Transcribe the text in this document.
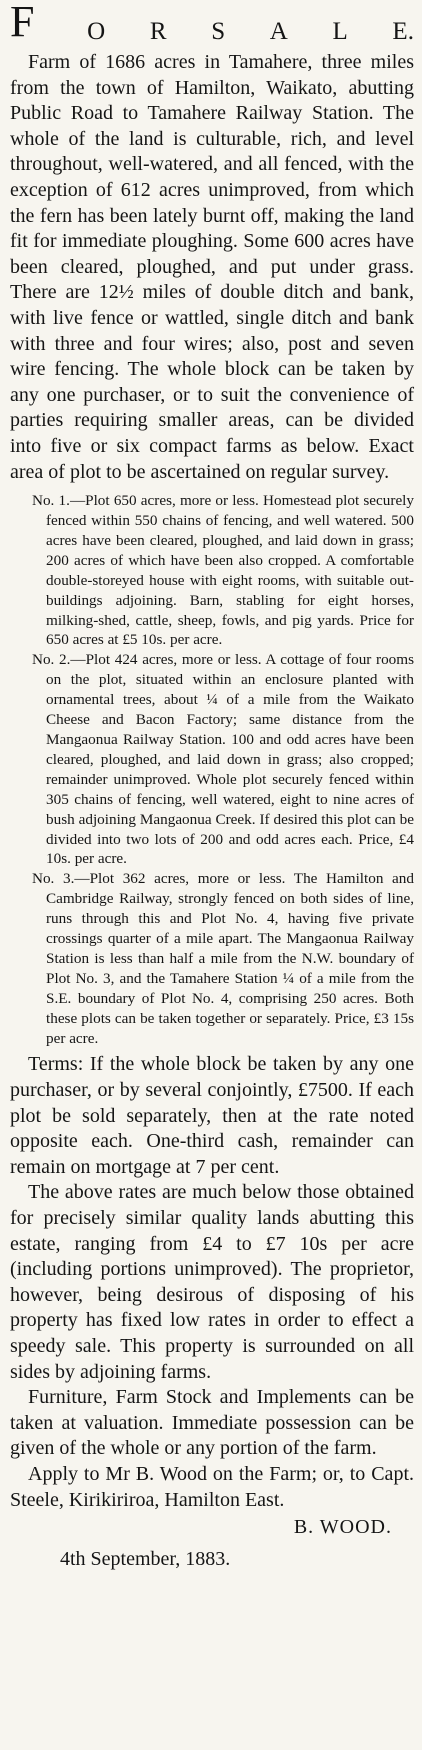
F O R S A L E.

Farm of 1686 acres in Tamahere, three miles from the town of Hamilton, Waikato, abutting Public Road to Tamahere Railway Station. The whole of the land is culturable, rich, and level throughout, well-watered, and all fenced, with the exception of 612 acres unimproved, from which the fern has been lately burnt off, making the land fit for immediate ploughing. Some 600 acres have been cleared, ploughed, and put under grass. There are 12½ miles of double ditch and bank, with live fence or wattled, single ditch and bank with three and four wires; also, post and seven wire fencing. The whole block can be taken by any one purchaser, or to suit the convenience of parties requiring smaller areas, can be divided into five or six compact farms as below. Exact area of plot to be ascertained on regular survey.

No. 1.—Plot 650 acres, more or less. Homestead plot securely fenced within 550 chains of fencing, and well watered. 500 acres have been cleared, ploughed, and laid down in grass; 200 acres of which have been also cropped. A comfortable double-storeyed house with eight rooms, with suitable out-buildings adjoining. Barn, stabling for eight horses, milking-shed, cattle, sheep, fowls, and pig yards. Price for 650 acres at £5 10s. per acre.

No. 2.—Plot 424 acres, more or less. A cottage of four rooms on the plot, situated within an enclosure planted with ornamental trees, about ¼ of a mile from the Waikato Cheese and Bacon Factory; same distance from the Mangaonua Railway Station. 100 and odd acres have been cleared, ploughed, and laid down in grass; also cropped; remainder unimproved. Whole plot securely fenced within 305 chains of fencing, well watered, eight to nine acres of bush adjoining Mangaonua Creek. If desired this plot can be divided into two lots of 200 and odd acres each. Price, £4 10s. per acre.

No. 3.—Plot 362 acres, more or less. The Hamilton and Cambridge Railway, strongly fenced on both sides of line, runs through this and Plot No. 4, having five private crossings quarter of a mile apart. The Mangaonua Railway Station is less than half a mile from the N.W. boundary of Plot No. 3, and the Tamahere Station ¼ of a mile from the S.E. boundary of Plot No. 4, comprising 250 acres. Both these plots can be taken together or separately. Price, £3 15s per acre.

Terms: If the whole block be taken by any one purchaser, or by several conjointly, £7500. If each plot be sold separately, then at the rate noted opposite each. One-third cash, remainder can remain on mortgage at 7 per cent.

The above rates are much below those obtained for precisely similar quality lands abutting this estate, ranging from £4 to £7 10s per acre (including portions unimproved). The proprietor, however, being desirous of disposing of his property has fixed low rates in order to effect a speedy sale. This property is surrounded on all sides by adjoining farms.

Furniture, Farm Stock and Implements can be taken at valuation. Immediate possession can be given of the whole or any portion of the farm.

Apply to Mr B. Wood on the Farm; or, to Capt. Steele, Kirikiriroa, Hamilton East.

B. WOOD.

4th September, 1883.
